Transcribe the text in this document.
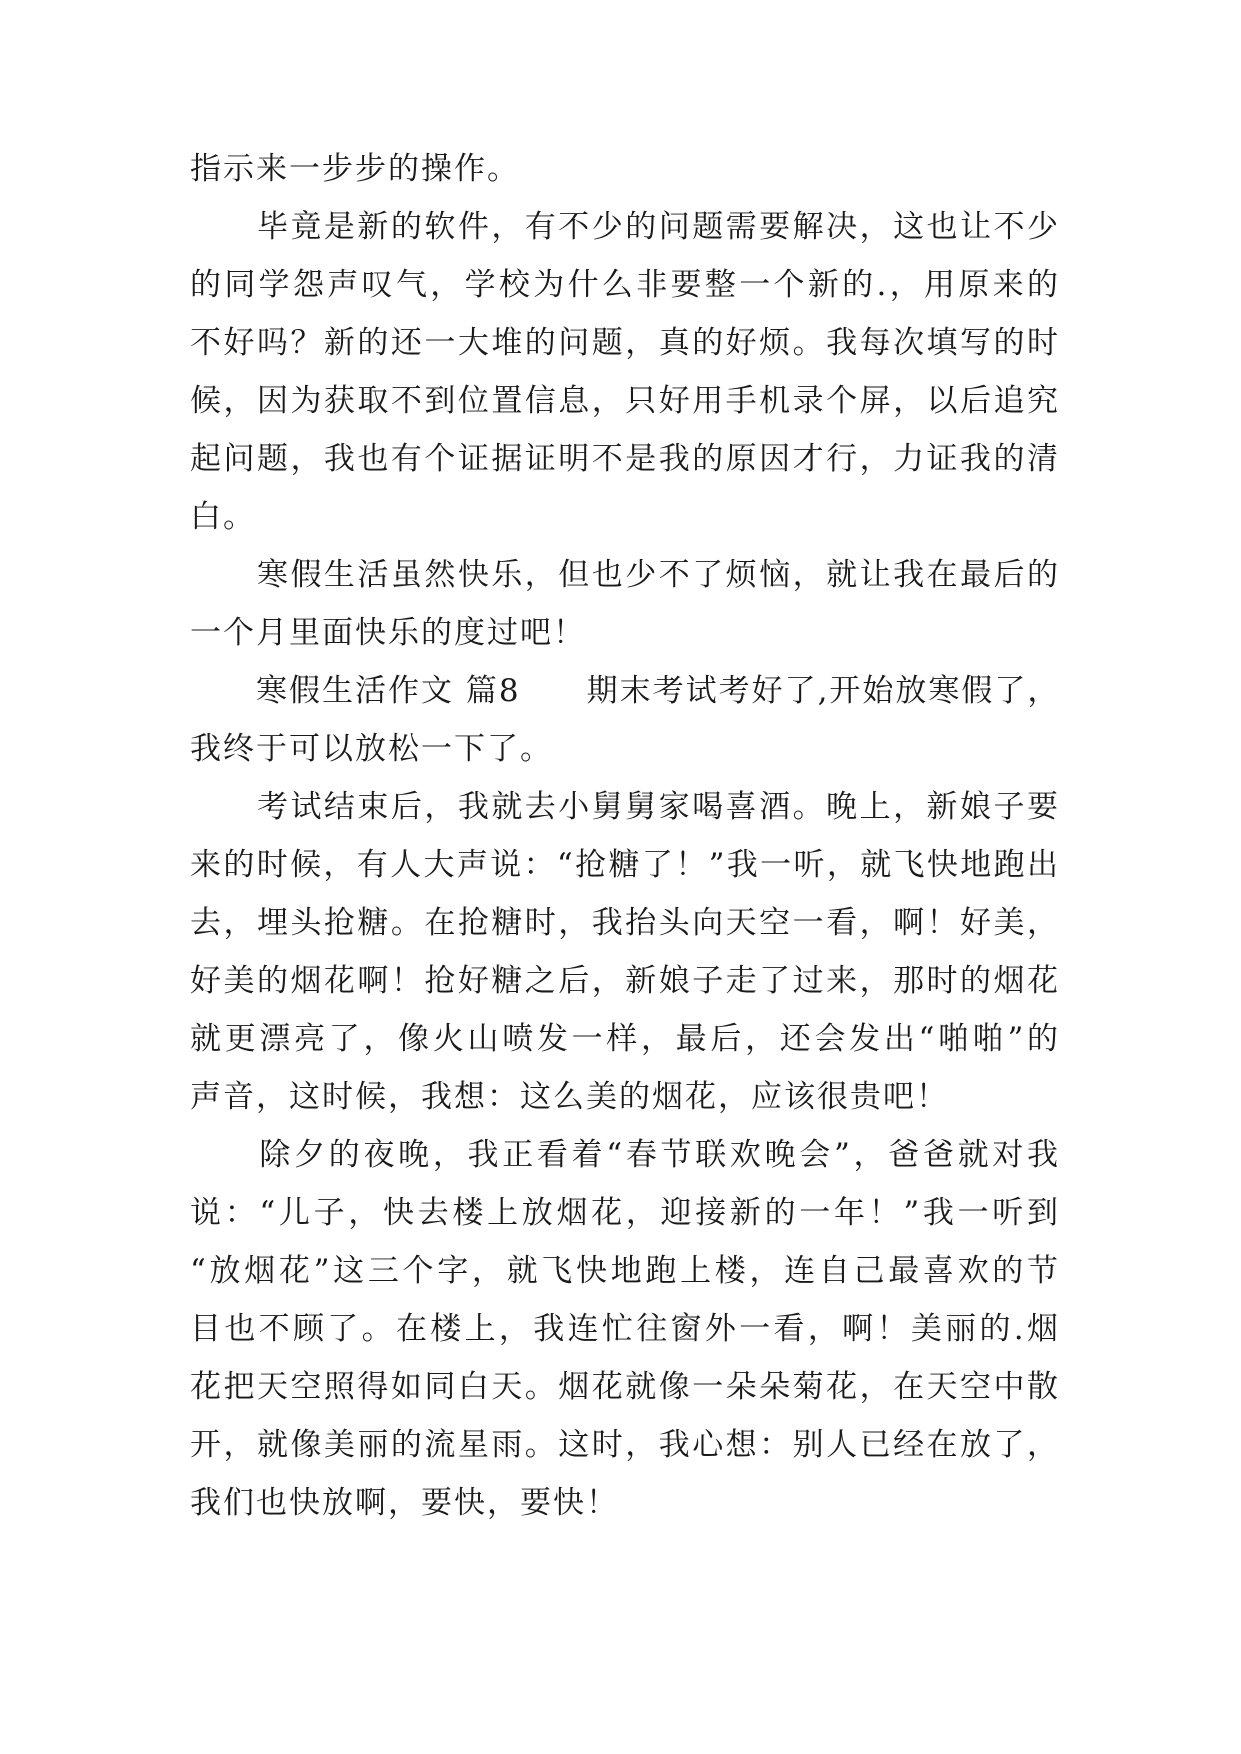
指示来一步步的操作。
　　毕竟是新的软件，有不少的问题需要解决，这也让不少
的同学怨声叹气，学校为什么非要整一个新的.，用原来的
不好吗？新的还一大堆的问题，真的好烦。我每次填写的时
候，因为获取不到位置信息，只好用手机录个屏，以后追究
起问题，我也有个证据证明不是我的原因才行，力证我的清
白。
　　寒假生活虽然快乐，但也少不了烦恼，就让我在最后的
一个月里面快乐的度过吧！
　　寒假生活作文 篇8　　期末考试考好了,开始放寒假了，
我终于可以放松一下了。
　　考试结束后，我就去小舅舅家喝喜酒。晚上，新娘子要
来的时候，有人大声说：“抢糖了！”我一听，就飞快地跑出
去，埋头抢糖。在抢糖时，我抬头向天空一看，啊！好美，
好美的烟花啊！抢好糖之后，新娘子走了过来，那时的烟花
就更漂亮了，像火山喷发一样，最后，还会发出“啪啪”的
声音，这时候，我想：这么美的烟花，应该很贵吧！
　　除夕的夜晚，我正看着“春节联欢晚会”，爸爸就对我
说：“儿子，快去楼上放烟花，迎接新的一年！”我一听到
“放烟花”这三个字，就飞快地跑上楼，连自己最喜欢的节
目也不顾了。在楼上，我连忙往窗外一看，啊！美丽的.烟
花把天空照得如同白天。烟花就像一朵朵菊花，在天空中散
开，就像美丽的流星雨。这时，我心想：别人已经在放了，
我们也快放啊，要快，要快！
